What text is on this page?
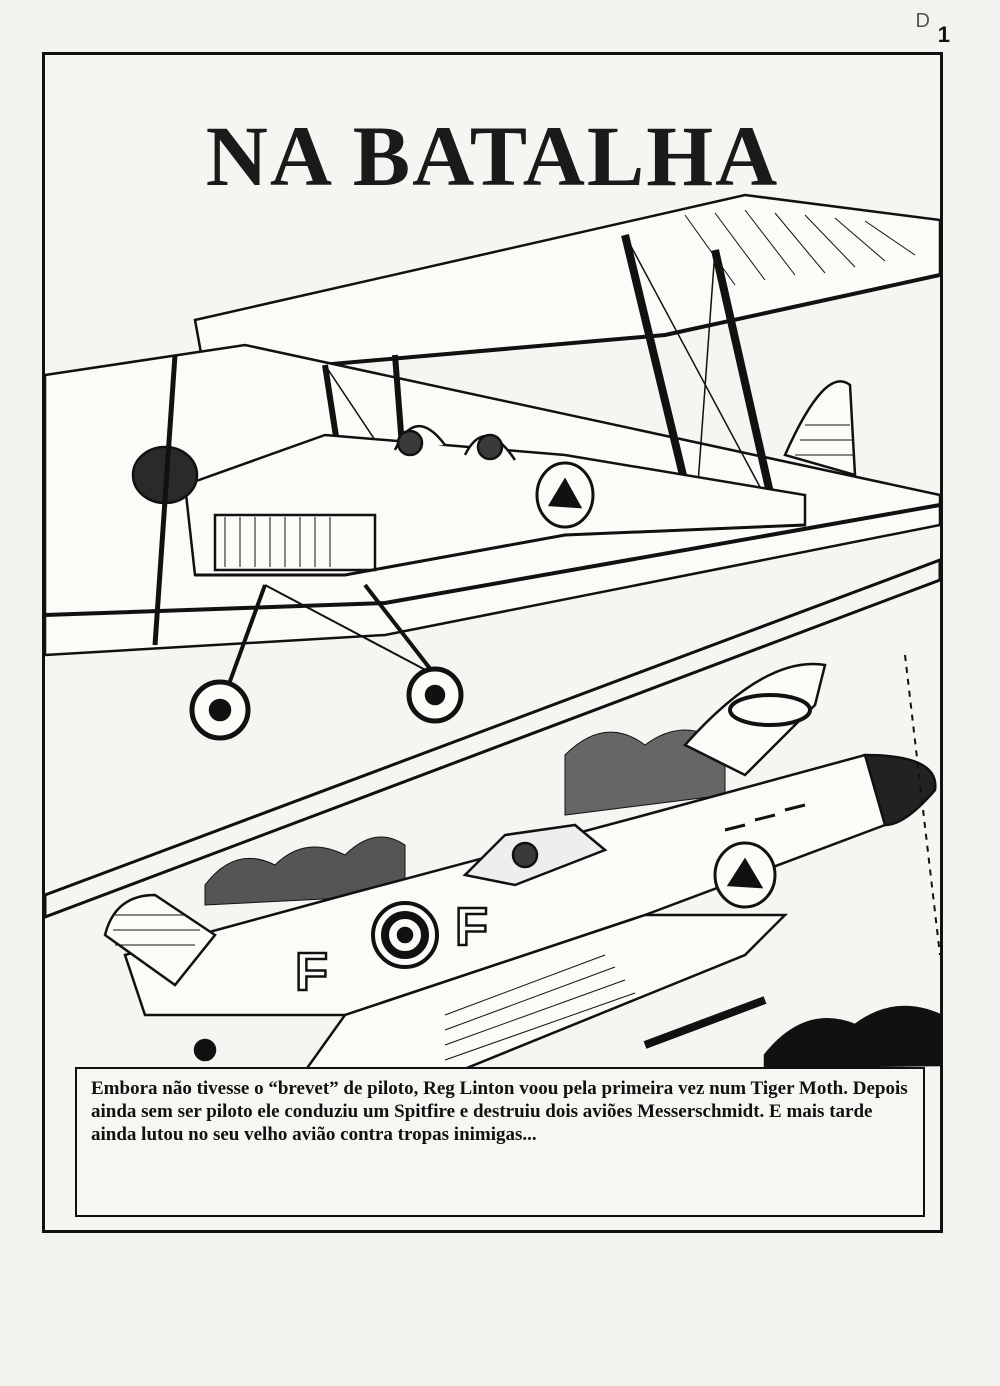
D
1
F
F
NA BATALHA

Embora não tivesse o “brevet” de piloto, Reg Linton voou pela primeira vez num Tiger Moth. Depois ainda sem ser piloto ele conduziu um Spitfire e destruiu dois aviões Messerschmidt. E mais tarde ainda lutou no seu velho avião contra tropas inimigas...
